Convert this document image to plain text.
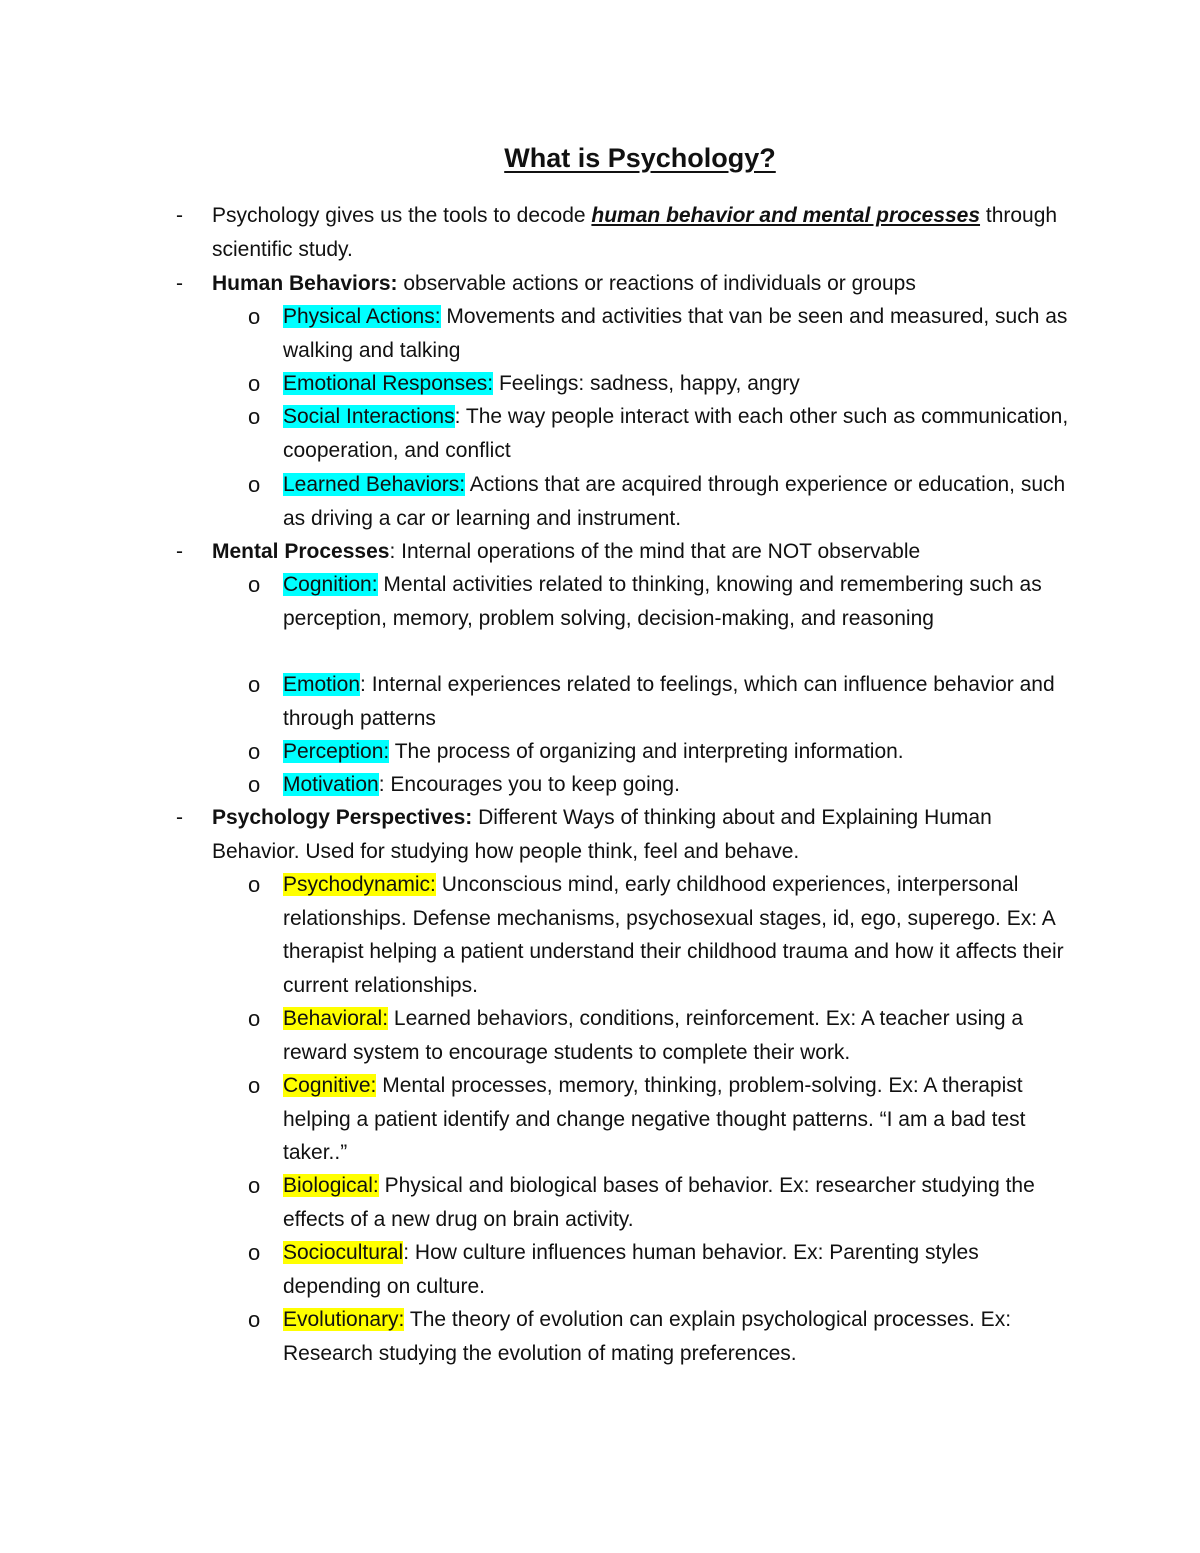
What is Psychology?
- Psychology gives us the tools to decode human behavior and mental processes through scientific study.
- Human Behaviors: observable actions or reactions of individuals or groups
o Physical Actions: Movements and activities that van be seen and measured, such as walking and talking
o Emotional Responses: Feelings: sadness, happy, angry
o Social Interactions: The way people interact with each other such as communication, cooperation, and conflict
o Learned Behaviors: Actions that are acquired through experience or education, such as driving a car or learning and instrument.
- Mental Processes: Internal operations of the mind that are NOT observable
o Cognition: Mental activities related to thinking, knowing and remembering such as perception, memory, problem solving, decision-making, and reasoning
o Emotion: Internal experiences related to feelings, which can influence behavior and through patterns
o Perception: The process of organizing and interpreting information.
o Motivation: Encourages you to keep going.
- Psychology Perspectives: Different Ways of thinking about and Explaining Human Behavior. Used for studying how people think, feel and behave.
o Psychodynamic: Unconscious mind, early childhood experiences, interpersonal relationships. Defense mechanisms, psychosexual stages, id, ego, superego. Ex: A therapist helping a patient understand their childhood trauma and how it affects their current relationships.
o Behavioral: Learned behaviors, conditions, reinforcement. Ex: A teacher using a reward system to encourage students to complete their work.
o Cognitive: Mental processes, memory, thinking, problem-solving. Ex: A therapist helping a patient identify and change negative thought patterns. “I am a bad test taker..”
o Biological: Physical and biological bases of behavior. Ex: researcher studying the effects of a new drug on brain activity.
o Sociocultural: How culture influences human behavior. Ex: Parenting styles depending on culture.
o Evolutionary: The theory of evolution can explain psychological processes. Ex: Research studying the evolution of mating preferences.
